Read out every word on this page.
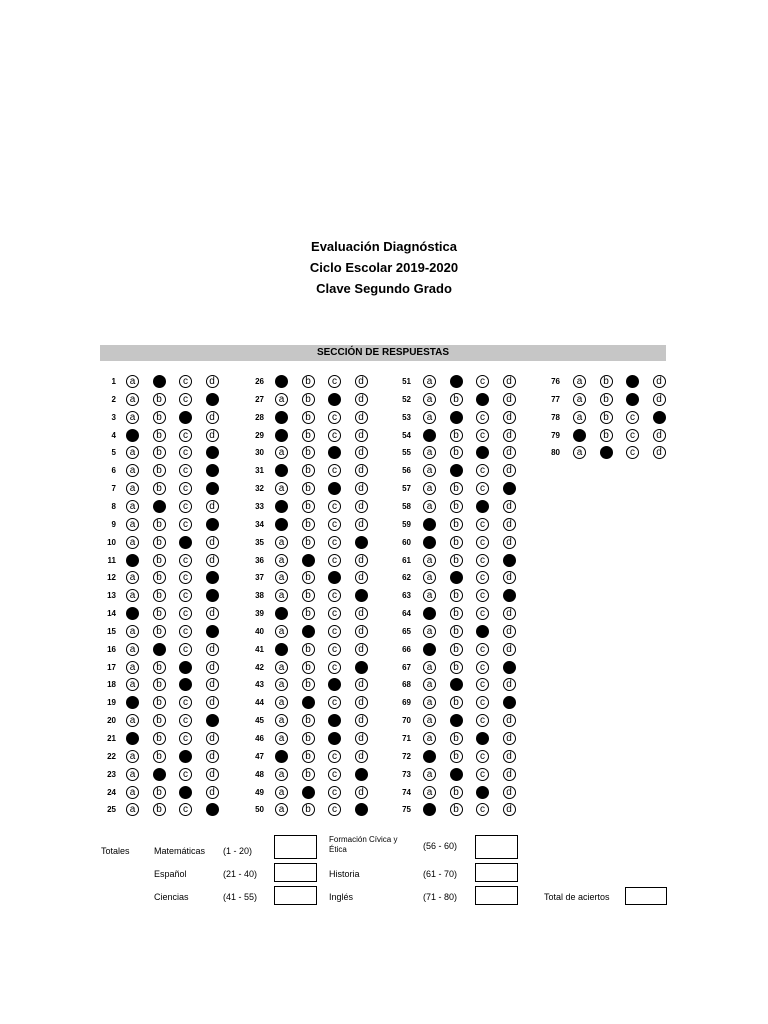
Evaluación Diagnóstica
Ciclo Escolar 2019-2020
Clave Segundo Grado
SECCIÓN DE RESPUESTAS
1	a	b	c	d
2	a	b	c	d
3	a	b	c	d
4	a	b	c	d
5	a	b	c	d
6	a	b	c	d
7	a	b	c	d
8	a	b	c	d
9	a	b	c	d
10	a	b	c	d
11	a	b	c	d
12	a	b	c	d
13	a	b	c	d
14	a	b	c	d
15	a	b	c	d
16	a	b	c	d
17	a	b	c	d
18	a	b	c	d
19	a	b	c	d
20	a	b	c	d
21	a	b	c	d
22	a	b	c	d
23	a	b	c	d
24	a	b	c	d
25	a	b	c	d
26	a	b	c	d
27	a	b	c	d
28	a	b	c	d
29	a	b	c	d
30	a	b	c	d
31	a	b	c	d
32	a	b	c	d
33	a	b	c	d
34	a	b	c	d
35	a	b	c	d
36	a	b	c	d
37	a	b	c	d
38	a	b	c	d
39	a	b	c	d
40	a	b	c	d
41	a	b	c	d
42	a	b	c	d
43	a	b	c	d
44	a	b	c	d
45	a	b	c	d
46	a	b	c	d
47	a	b	c	d
48	a	b	c	d
49	a	b	c	d
50	a	b	c	d
51	a	b	c	d
52	a	b	c	d
53	a	b	c	d
54	a	b	c	d
55	a	b	c	d
56	a	b	c	d
57	a	b	c	d
58	a	b	c	d
59	a	b	c	d
60	a	b	c	d
61	a	b	c	d
62	a	b	c	d
63	a	b	c	d
64	a	b	c	d
65	a	b	c	d
66	a	b	c	d
67	a	b	c	d
68	a	b	c	d
69	a	b	c	d
70	a	b	c	d
71	a	b	c	d
72	a	b	c	d
73	a	b	c	d
74	a	b	c	d
75	a	b	c	d
76	a	b	c	d
77	a	b	c	d
78	a	b	c	d
79	a	b	c	d
80	a	b	c	d
Totales	Matemáticas (1 - 20)
Español	(21 - 40)
Ciencias	(41 - 55)
Formación Cívica y
Ética	(56 - 60)
Historia	(61 - 70)
Inglés	(71 - 80)	Total de aciertos
